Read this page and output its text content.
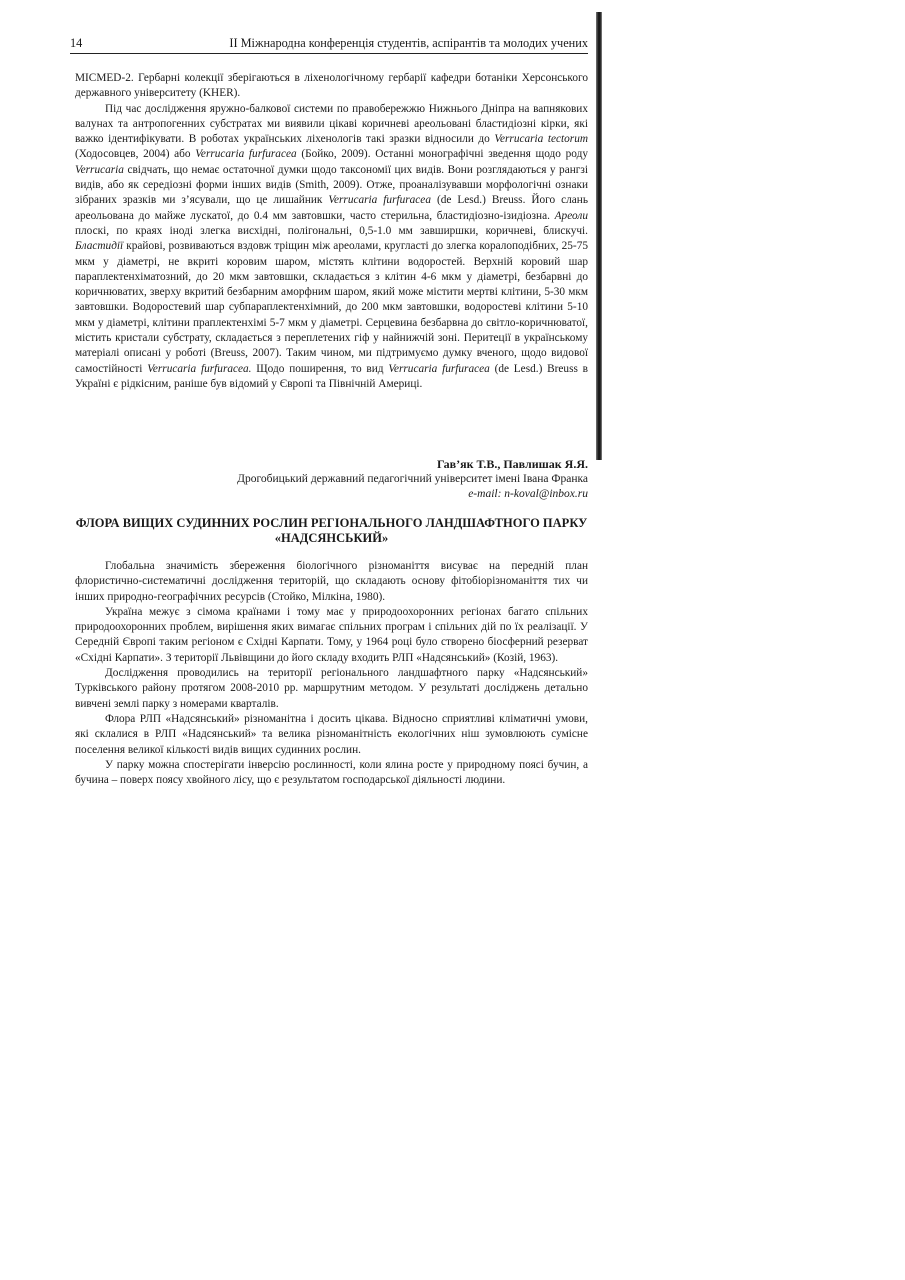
14	II Міжнародна конференція студентів, аспірантів та молодих учених

MICMED-2. Гербарні колекції зберігаються в ліхенологічному гербарії кафедри ботаніки Херсонського державного університету (KHER).

Під час дослідження яружно-балкової системи по правобережжю Нижнього Дніпра на вапнякових валунах та антропогенних субстратах ми виявили цікаві коричневі ареольовані бластидіозні кірки, які важко ідентифікувати. В роботах українських ліхенологів такі зразки відносили до Verrucaria tectorum (Ходосовцев, 2004) або Verrucaria furfuracea (Бойко, 2009). Останні монографічні зведення щодо роду Verrucaria свідчать, що немає остаточної думки щодо таксономії цих видів. Вони розглядаються у рангзі видів, або як середіозні форми інших видів (Smith, 2009). Отже, проаналізувавши морфологічні ознаки зібраних зразків ми з’ясували, що це лишайник Verrucaria furfuracea (de Lesd.) Breuss. Його слань ареольована до майже лускатої, до 0.4 мм завтовшки, часто стерильна, бластидіозно-ізидіозна. Ареоли плоскі, по краях іноді злегка висхідні, полігональні, 0,5-1.0 мм завширшки, коричневі, блискучі. Бластидії крайові, розвиваються вздовж тріщин між ареолами, кругласті до злегка коралоподібних, 25-75 мкм у діаметрі, не вкриті коровим шаром, містять клітини водоростей. Верхній коровий шар параплектенхіматозний, до 20 мкм завтовшки, складається з клітин 4-6 мкм у діаметрі, безбарвні до коричнюватих, зверху вкритий безбарним аморфним шаром, який може містити мертві клітини, 5-30 мкм завтовшки. Водоростевий шар субпараплектенхімний, до 200 мкм завтовшки, водоростеві клітини 5-10 мкм у діаметрі, клітини праплектенхімі 5-7 мкм у діаметрі. Серцевина безбарвна до світло-коричнюватої, містить кристали субстрату, складається з переплетених гіф у найнижчій зоні. Перитеції в українському матеріалі описані у роботі (Breuss, 2007). Таким чином, ми підтримуємо думку вченого, щодо видової самостійності Verrucaria furfuracea. Щодо поширення, то вид Verrucaria furfuracea (de Lesd.) Breuss в Україні є рідкісним, раніше був відомий у Європі та Північній Америці.

Гав’як Т.В., Павлишак Я.Я.
Дрогобицький державний педагогічний університет імені Івана Франка
e-mail: n-koval@inbox.ru
ФЛОРА ВИЩИХ СУДИННИХ РОСЛИН РЕГІОНАЛЬНОГО ЛАНДШАФТНОГО ПАРКУ «НАДСЯНСЬКИЙ»

Глобальна значимість збереження біологічного різноманіття висуває на передній план флористично-систематичні дослідження територій, що складають основу фітобіорізноманіття тих чи інших природно-географічних ресурсів (Стойко, Мілкіна, 1980).

Україна межує з сімома країнами і тому має у природоохоронних регіонах багато спільних природоохоронних проблем, вирішення яких вимагає спільних програм і спільних дій по їх реалізації. У Середній Європі таким регіоном є Східні Карпати. Тому, у 1964 році було створено біосферний резерват «Східні Карпати». З території Львівщини до його складу входить РЛП «Надсянський» (Козій, 1963).

Дослідження проводились на території регіонального ландшафтного парку «Надсянський» Турківського району протягом 2008-2010 рр. маршрутним методом. У результаті досліджень детально вивчені землі парку з номерами кварталів.

Флора РЛП «Надсянський» різноманітна і досить цікава. Відносно сприятливі кліматичні умови, які склалися в РЛП «Надсянський» та велика різноманітність екологічних ніш зумовлюють сумісне поселення великої кількості видів вищих судинних рослин.

У парку можна спостерігати інверсію рослинності, коли ялина росте у природному поясі бучин, а бучина – поверх поясу хвойного лісу, що є результатом господарської діяльності людини.
